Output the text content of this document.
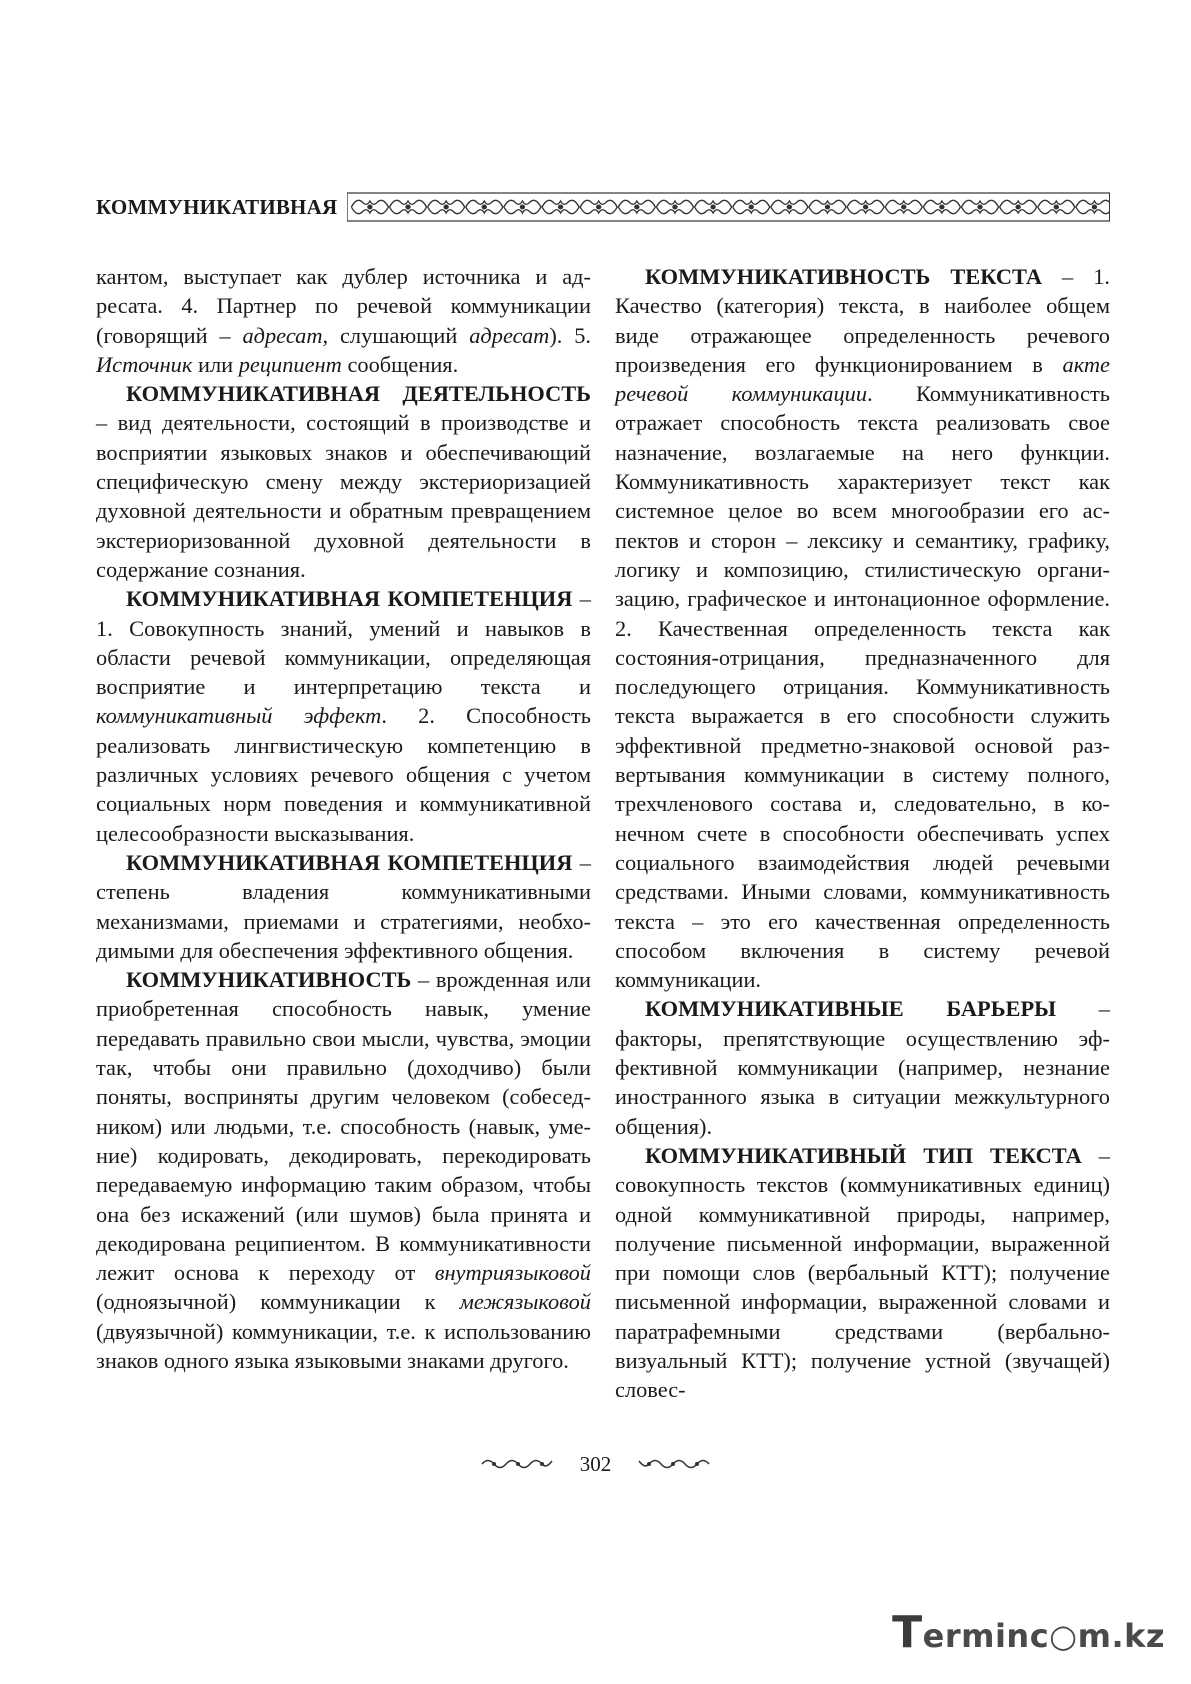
КОММУНИКАТИВНАЯ

кантом, выступает как дублер источника и адресата. 4. Партнер по речевой коммуникации (говорящий – адресат, слушающий адресат). 5. Источник или реципиент сообщения.

КОММУНИКАТИВНАЯ ДЕЯТЕЛЬНОСТЬ – вид деятельности, состоящий в производстве и восприятии языковых знаков и обеспечивающий специфическую смену между экстериоризацией духовной деятельности и обратным превращением экстериоризованной духовной деятельности в содержание сознания.

КОММУНИКАТИВНАЯ КОМПЕТЕНЦИЯ – 1. Совокупность знаний, умений и навыков в области речевой коммуникации, определяющая восприятие и интерпретацию текста и коммуникативный эффект. 2. Способность реализовать лингвистическую компетенцию в различных условиях речевого общения с учетом социальных норм поведения и коммуникативной целесообразности высказывания.

КОММУНИКАТИВНАЯ КОМПЕТЕНЦИЯ – степень владения коммуникативными механизмами, приемами и стратегиями, необходимыми для обеспечения эффективного общения.

КОММУНИКАТИВНОСТЬ – врожденная или приобретенная способность навык, умение передавать правильно свои мысли, чувства, эмоции так, чтобы они правильно (доходчиво) были поняты, восприняты другим человеком (собеседником) или людьми, т.е. способность (навык, умение) кодировать, декодировать, перекодировать передаваемую информацию таким образом, чтобы она без искажений (или шумов) была принята и декодирована реципиентом. В коммуникативности лежит основа к переходу от внутриязыковой (одноязычной) коммуникации к межязыковой (двуязычной) коммуникации, т.е. к использованию знаков одного языка языковыми знаками другого.

КОММУНИКАТИВНОСТЬ ТЕКСТА – 1. Качество (категория) текста, в наиболее общем виде отражающее определенность речевого произведения его функционированием в акте речевой коммуникации. Коммуникативность отражает способность текста реализовать свое назначение, возлагаемые на него функции. Коммуникативность характеризует текст как системное целое во всем многообразии его аспектов и сторон – лексику и семантику, графику, логику и композицию, стилистическую организацию, графическое и интонационное оформление. 2. Качественная определенность текста как состояния-отрицания, предназначенного для последующего отрицания. Коммуникативность текста выражается в его способности служить эффективной предметно-знаковой основой развертывания коммуникации в систему полного, трехчленового состава и, следовательно, в конечном счете в способности обеспечивать успех социального взаимодействия людей речевыми средствами. Иными словами, коммуникативность текста – это его качественная определенность способом включения в систему речевой коммуникации.

КОММУНИКАТИВНЫЕ БАРЬЕРЫ – факторы, препятствующие осуществлению эффективной коммуникации (например, незнание иностранного языка в ситуации межкультурного общения).

КОММУНИКАТИВНЫЙ ТИП ТЕКСТА – совокупность текстов (коммуникативных единиц) одной коммуникативной природы, например, получение письменной информации, выраженной при помощи слов (вербальный КТТ); получение письменной информации, выраженной словами и паратрафемными средствами (вербально-визуальный КТТ); получение устной (звучащей) словес-

302
Terminc○m.kz
